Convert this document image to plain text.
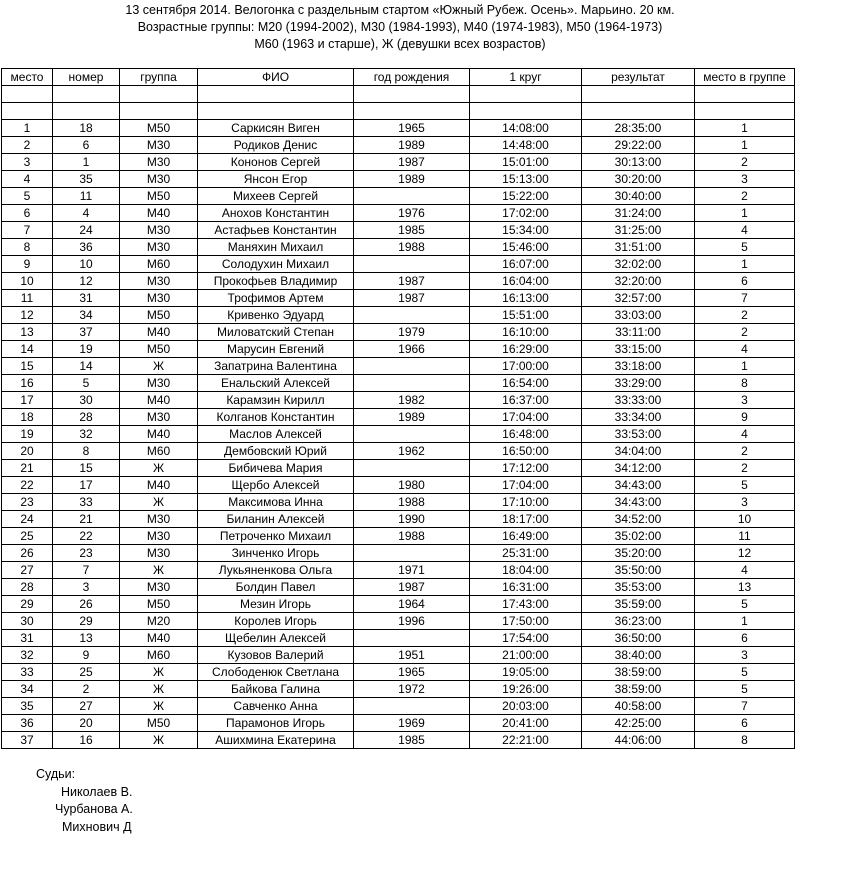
13 сентября 2014. Велогонка с раздельным стартом «Южный Рубеж. Осень». Марьино. 20 км.
Возрастные группы: М20 (1994-2002), М30 (1984-1993), М40 (1974-1983), М50 (1964-1973)
М60 (1963 и старше), Ж (девушки всех возрастов)
место	номер	группа	ФИО	год рождения	1 круг	результат	место в группе

1	18	М50	Саркисян Виген	1965	14:08:00	28:35:00	1
2	6	М30	Родиков Денис	1989	14:48:00	29:22:00	1
3	1	М30	Кононов Сергей	1987	15:01:00	30:13:00	2
4	35	М30	Янсон Егор	1989	15:13:00	30:20:00	3
5	11	М50	Михеев Сергей		15:22:00	30:40:00	2
6	4	М40	Анохов Константин	1976	17:02:00	31:24:00	1
7	24	М30	Астафьев Константин	1985	15:34:00	31:25:00	4
8	36	М30	Маняхин Михаил	1988	15:46:00	31:51:00	5
9	10	М60	Солодухин Михаил		16:07:00	32:02:00	1
10	12	М30	Прокофьев Владимир	1987	16:04:00	32:20:00	6
11	31	М30	Трофимов Артем	1987	16:13:00	32:57:00	7
12	34	М50	Кривенко Эдуард		15:51:00	33:03:00	2
13	37	М40	Миловатский Степан	1979	16:10:00	33:11:00	2
14	19	М50	Марусин Евгений	1966	16:29:00	33:15:00	4
15	14	Ж	Запатрина Валентина		17:00:00	33:18:00	1
16	5	М30	Енальский Алексей		16:54:00	33:29:00	8
17	30	М40	Карамзин Кирилл	1982	16:37:00	33:33:00	3
18	28	М30	Колганов Константин	1989	17:04:00	33:34:00	9
19	32	М40	Маслов Алексей		16:48:00	33:53:00	4
20	8	М60	Дембовский Юрий	1962	16:50:00	34:04:00	2
21	15	Ж	Бибичева Мария		17:12:00	34:12:00	2
22	17	М40	Щербо Алексей	1980	17:04:00	34:43:00	5
23	33	Ж	Максимова Инна	1988	17:10:00	34:43:00	3
24	21	М30	Биланин Алексей	1990	18:17:00	34:52:00	10
25	22	М30	Петроченко Михаил	1988	16:49:00	35:02:00	11
26	23	М30	Зинченко Игорь		25:31:00	35:20:00	12
27	7	Ж	Лукьяненкова Ольга	1971	18:04:00	35:50:00	4
28	3	М30	Болдин Павел	1987	16:31:00	35:53:00	13
29	26	М50	Мезин Игорь	1964	17:43:00	35:59:00	5
30	29	М20	Королев Игорь	1996	17:50:00	36:23:00	1
31	13	М40	Щебелин Алексей		17:54:00	36:50:00	6
32	9	М60	Кузовов Валерий	1951	21:00:00	38:40:00	3
33	25	Ж	Слободенюк Светлана	1965	19:05:00	38:59:00	5
34	2	Ж	Байкова Галина	1972	19:26:00	38:59:00	5
35	27	Ж	Савченко Анна		20:03:00	40:58:00	7
36	20	М50	Парамонов Игорь	1969	20:41:00	42:25:00	6
37	16	Ж	Ашихмина Екатерина	1985	22:21:00	44:06:00	8
Судьи:
Николаев В.
Чурбанова А.
Михнович Д
